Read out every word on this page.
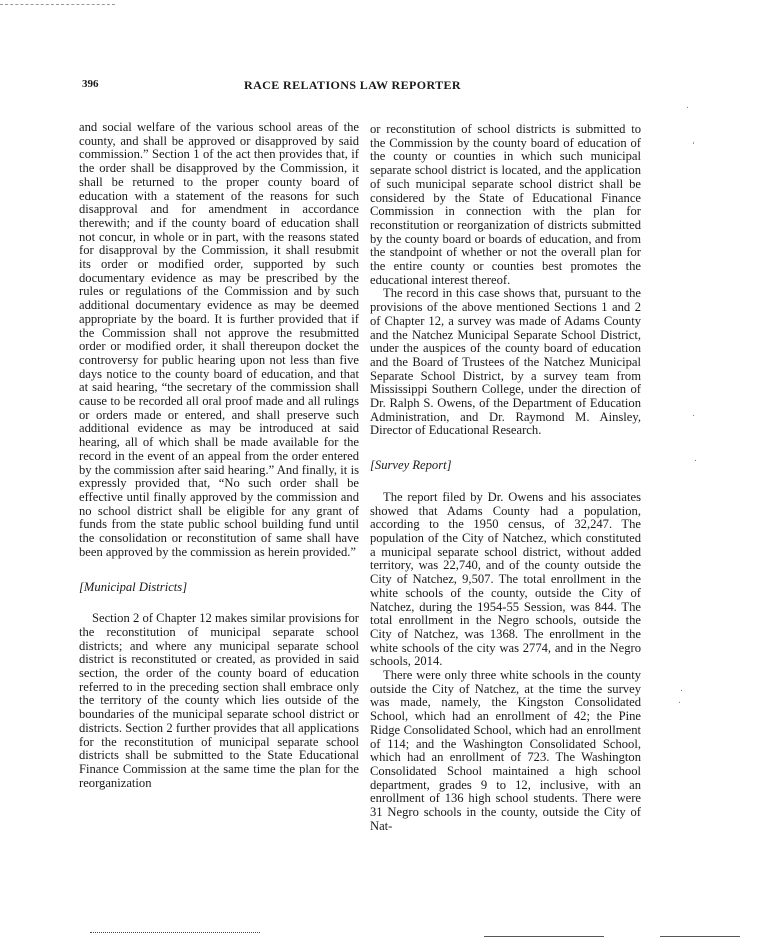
396	RACE RELATIONS LAW REPORTER

and social welfare of the various school areas of the county, and shall be approved or disapproved by said commission.” Section 1 of the act then provides that, if the order shall be disapproved by the Commission, it shall be returned to the proper county board of education with a statement of the reasons for such disapproval and for amendment in accordance therewith; and if the county board of education shall not concur, in whole or in part, with the reasons stated for disapproval by the Commission, it shall resubmit its order or modified order, supported by such documentary evidence as may be prescribed by the rules or regulations of the Commission and by such additional documentary evidence as may be deemed appropriate by the board. It is further provided that if the Commission shall not approve the resubmitted order or modified order, it shall thereupon docket the controversy for public hearing upon not less than five days notice to the county board of education, and that at said hearing, “the secretary of the commission shall cause to be recorded all oral proof made and all rulings or orders made or entered, and shall preserve such additional evidence as may be introduced at said hearing, all of which shall be made available for the record in the event of an appeal from the order entered by the commission after said hearing.” And finally, it is expressly provided that, “No such order shall be effective until finally approved by the commission and no school district shall be eligible for any grant of funds from the state public school building fund until the consolidation or reconstitution of same shall have been approved by the commission as herein provided.”

[Municipal Districts]

Section 2 of Chapter 12 makes similar provisions for the reconstitution of municipal separate school districts; and where any municipal separate school district is reconstituted or created, as provided in said section, the order of the county board of education referred to in the preceding section shall embrace only the territory of the county which lies outside of the boundaries of the municipal separate school district or districts. Section 2 further provides that all applications for the reconstitution of municipal separate school districts shall be submitted to the State Educational Finance Commission at the same time the plan for the reorganization

or reconstitution of school districts is submitted to the Commission by the county board of education of the county or counties in which such municipal separate school district is located, and the application of such municipal separate school district shall be considered by the State of Educational Finance Commission in connection with the plan for reconstitution or reorganization of districts submitted by the county board or boards of education, and from the standpoint of whether or not the overall plan for the entire county or counties best promotes the educational interest thereof.

The record in this case shows that, pursuant to the provisions of the above mentioned Sections 1 and 2 of Chapter 12, a survey was made of Adams County and the Natchez Municipal Separate School District, under the auspices of the county board of education and the Board of Trustees of the Natchez Municipal Separate School District, by a survey team from Mississippi Southern College, under the direction of Dr. Ralph S. Owens, of the Department of Education Administration, and Dr. Raymond M. Ainsley, Director of Educational Research.

[Survey Report]

The report filed by Dr. Owens and his associates showed that Adams County had a population, according to the 1950 census, of 32,247. The population of the City of Natchez, which constituted a municipal separate school district, without added territory, was 22,740, and of the county outside the City of Natchez, 9,507. The total enrollment in the white schools of the county, outside the City of Natchez, during the 1954-55 Session, was 844. The total enrollment in the Negro schools, outside the City of Natchez, was 1368. The enrollment in the white schools of the city was 2774, and in the Negro schools, 2014.

There were only three white schools in the county outside the City of Natchez, at the time the survey was made, namely, the Kingston Consolidated School, which had an enrollment of 42; the Pine Ridge Consolidated School, which had an enrollment of 114; and the Washington Consolidated School, which had an enrollment of 723. The Washington Consolidated School maintained a high school department, grades 9 to 12, inclusive, with an enrollment of 136 high school students. There were 31 Negro schools in the county, outside the City of Nat-

․
‘
․
․
․
․
